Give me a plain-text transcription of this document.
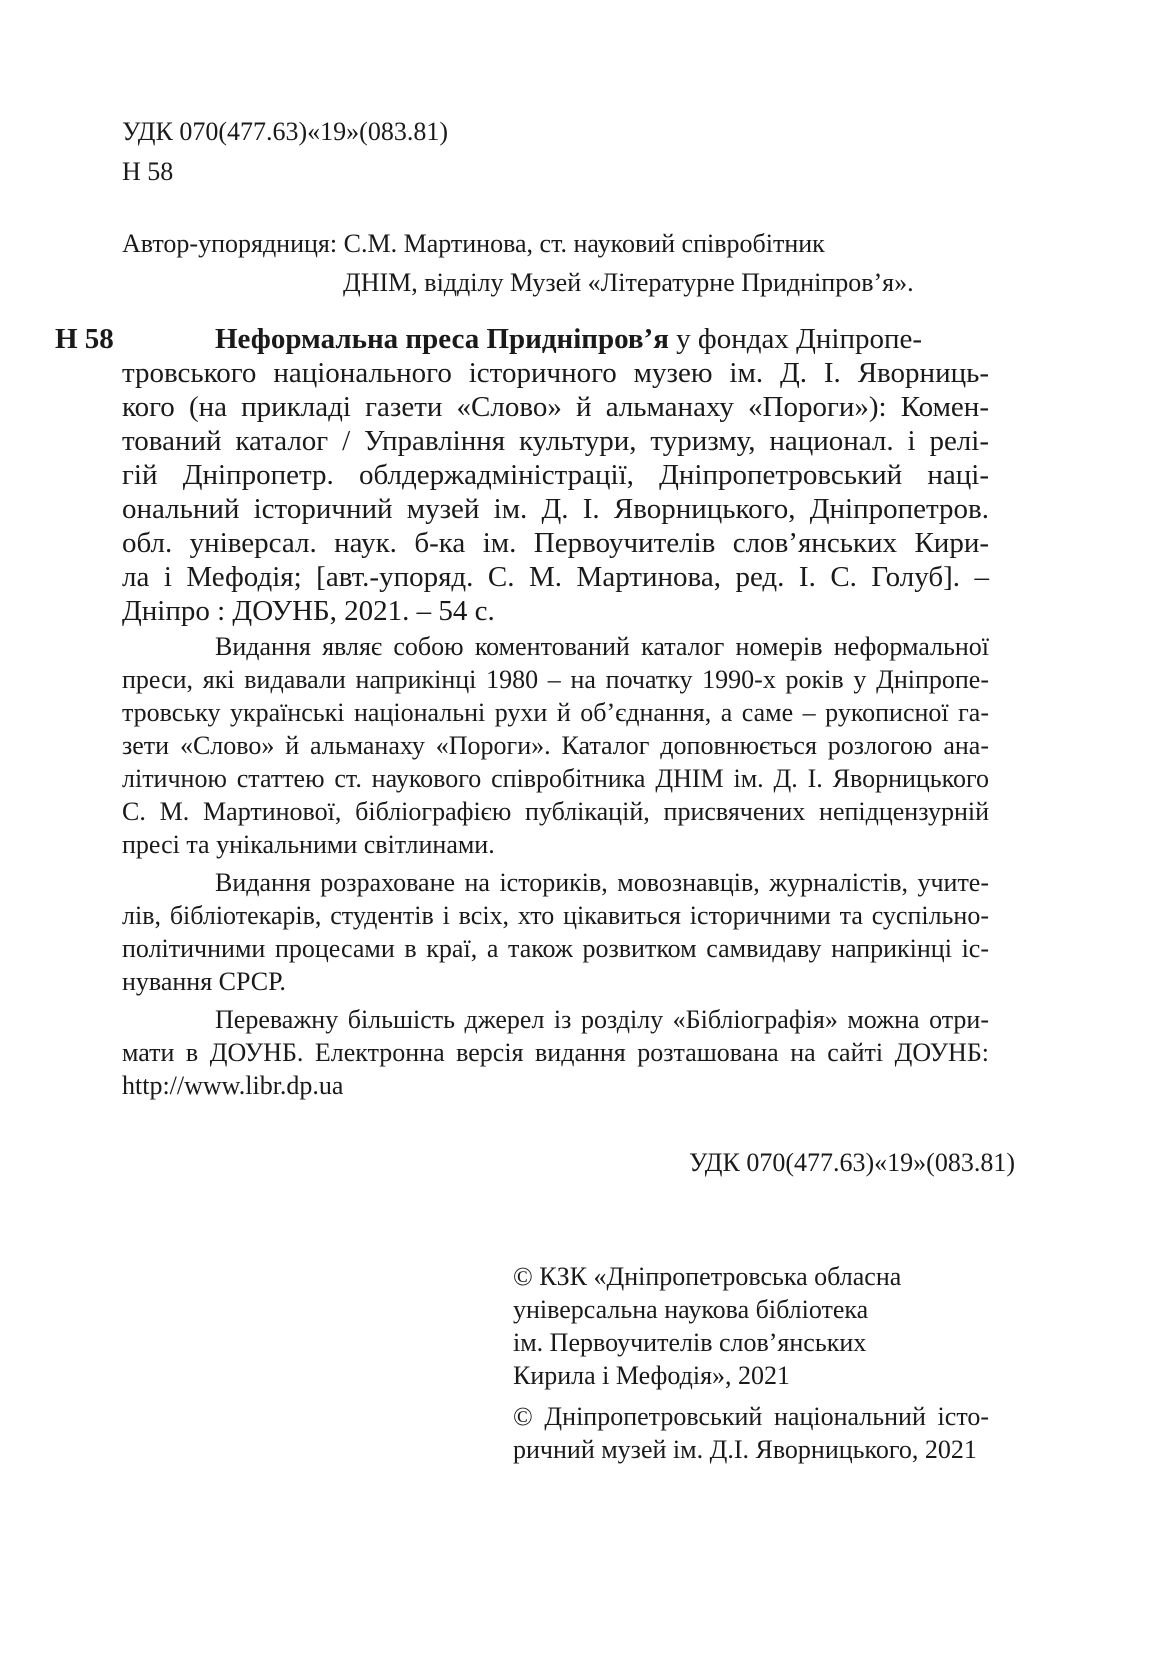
УДК 070(477.63)«19»(083.81)

Н 58

Автор-упорядниця: С.М. Мартинова, ст. науковий співробітник

ДНІМ, відділу Музей «Літературне Придніпров’я».

Н 58	Неформальна преса Придніпров’я у фондах Дніпропе-

тровського національного історичного музею ім. Д. І. Яворниць-

кого (на прикладі газети «Слово» й альманаху «Пороги»): Комен-

тований каталог / Управління культури, туризму, национал. і релі-

гій Дніпропетр. облдержадміністрації, Дніпропетровський наці-

ональний історичний музей ім. Д. І. Яворницького, Дніпропетров.

обл. універсал. наук. б-ка ім. Первоучителів слов’янських Кири-

ла і Мефодія; [авт.-упоряд. С. М. Мартинова, ред. І. С. Голуб]. –

Дніпро : ДОУНБ, 2021. – 54 с.

Видання являє собою коментований каталог номерів неформальної

преси, які видавали наприкінці 1980 – на початку 1990-х років у Дніпропе-

тровську українські національні рухи й об’єднання, а саме – рукописної га-

зети «Слово» й альманаху «Пороги». Каталог доповнюється розлогою ана-

літичною статтею ст. наукового співробітника ДНІМ ім. Д. І. Яворницького

С. М. Мартинової, бібліографією публікацій, присвячених непідцензурній

пресі та унікальними світлинами.

Видання розраховане на істориків, мовознавців, журналістів, учите-

лів, бібліотекарів, студентів і всіх, хто цікавиться історичними та суспільно-

політичними процесами в краї, а також розвитком самвидаву наприкінці іс-

нування СРСР.

Переважну більшість джерел із розділу «Бібліографія» можна отри-

мати в ДОУНБ. Електронна версія видання розташована на сайті ДОУНБ:

http://www.libr.dp.ua

УДК 070(477.63)«19»(083.81)

© КЗК «Дніпропетровська обласна

універсальна наукова бібліотека

ім. Первоучителів слов’янських

Кирила і Мефодія», 2021

© Дніпропетровський національний істо-

ричний музей ім. Д.І. Яворницького, 2021
